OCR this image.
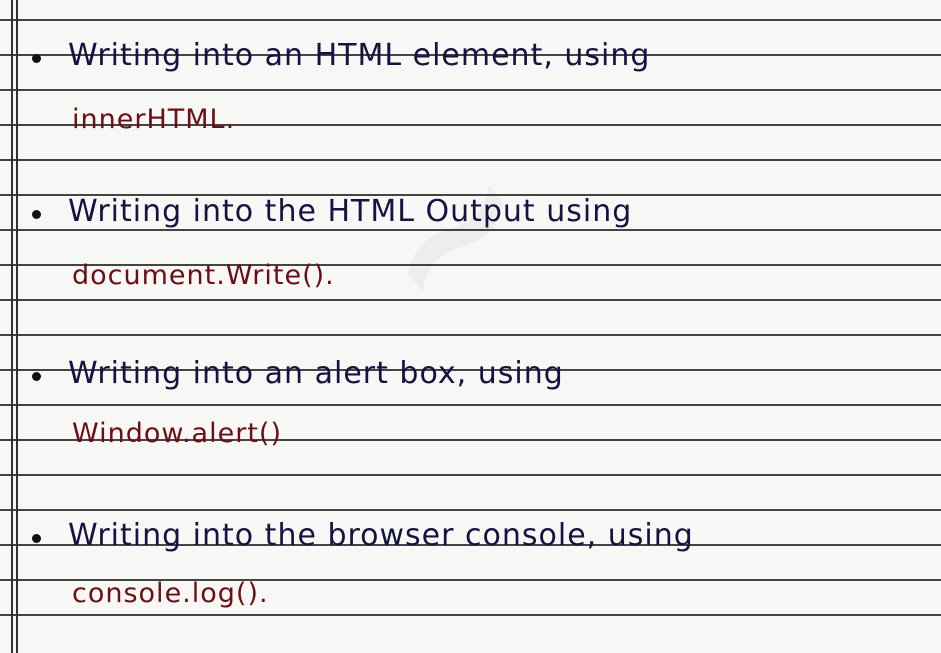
Writing into an HTML element, using
innerHTML.
Writing into the HTML Output using
document.Write().
Writing into an alert box, using
Window.alert()
Writing into the browser console, using
console.log().
